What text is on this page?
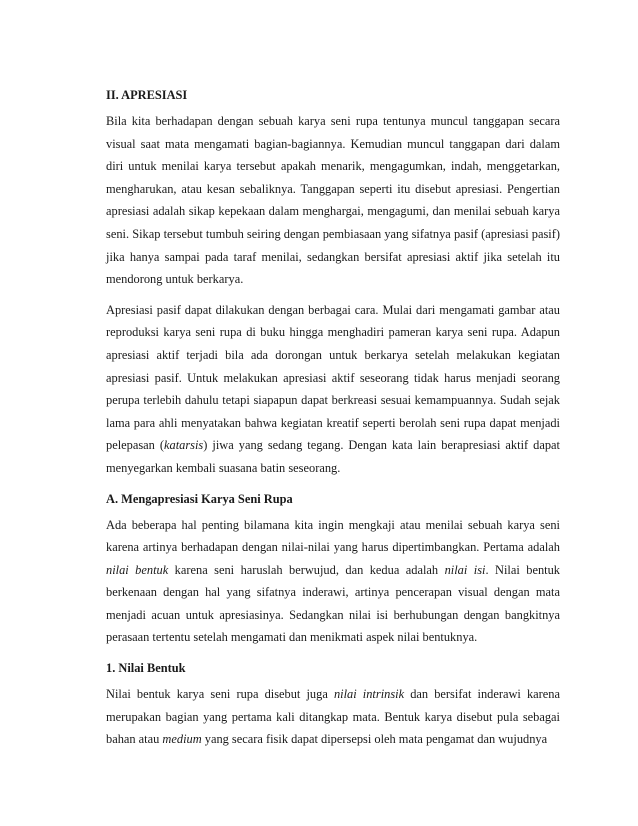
II. APRESIASI

Bila kita berhadapan dengan sebuah karya seni rupa tentunya muncul tanggapan secara visual saat mata mengamati bagian-bagiannya. Kemudian muncul tanggapan dari dalam diri untuk menilai karya tersebut apakah menarik, mengagumkan, indah, menggetarkan, mengharukan, atau kesan sebaliknya. Tanggapan seperti itu disebut apresiasi. Pengertian apresiasi adalah sikap kepekaan dalam menghargai, mengagumi, dan menilai sebuah karya seni. Sikap tersebut tumbuh seiring dengan pembiasaan yang sifatnya pasif (apresiasi pasif) jika hanya sampai pada taraf menilai, sedangkan bersifat apresiasi aktif jika setelah itu mendorong untuk berkarya.

Apresiasi pasif dapat dilakukan dengan berbagai cara. Mulai dari mengamati gambar atau reproduksi karya seni rupa di buku hingga menghadiri pameran karya seni rupa. Adapun apresiasi aktif terjadi bila ada dorongan untuk berkarya setelah melakukan kegiatan apresiasi pasif. Untuk melakukan apresiasi aktif seseorang tidak harus menjadi seorang perupa terlebih dahulu tetapi siapapun dapat berkreasi sesuai kemampuannya. Sudah sejak lama para ahli menyatakan bahwa kegiatan kreatif seperti berolah seni rupa dapat menjadi pelepasan (katarsis) jiwa yang sedang tegang. Dengan kata lain berapresiasi aktif dapat menyegarkan kembali suasana batin seseorang.

A. Mengapresiasi Karya Seni Rupa

Ada beberapa hal penting bilamana kita ingin mengkaji atau menilai sebuah karya seni karena artinya berhadapan dengan nilai-nilai yang harus dipertimbangkan. Pertama adalah nilai bentuk karena seni haruslah berwujud, dan kedua adalah nilai isi. Nilai bentuk berkenaan dengan hal yang sifatnya inderawi, artinya pencerapan visual dengan mata menjadi acuan untuk apresiasinya. Sedangkan nilai isi berhubungan dengan bangkitnya perasaan tertentu setelah mengamati dan menikmati aspek nilai bentuknya.

1. Nilai Bentuk

Nilai bentuk karya seni rupa disebut juga nilai intrinsik dan bersifat inderawi karena merupakan bagian yang pertama kali ditangkap mata. Bentuk karya disebut pula sebagai bahan atau medium yang secara fisik dapat dipersepsi oleh mata pengamat dan wujudnya
